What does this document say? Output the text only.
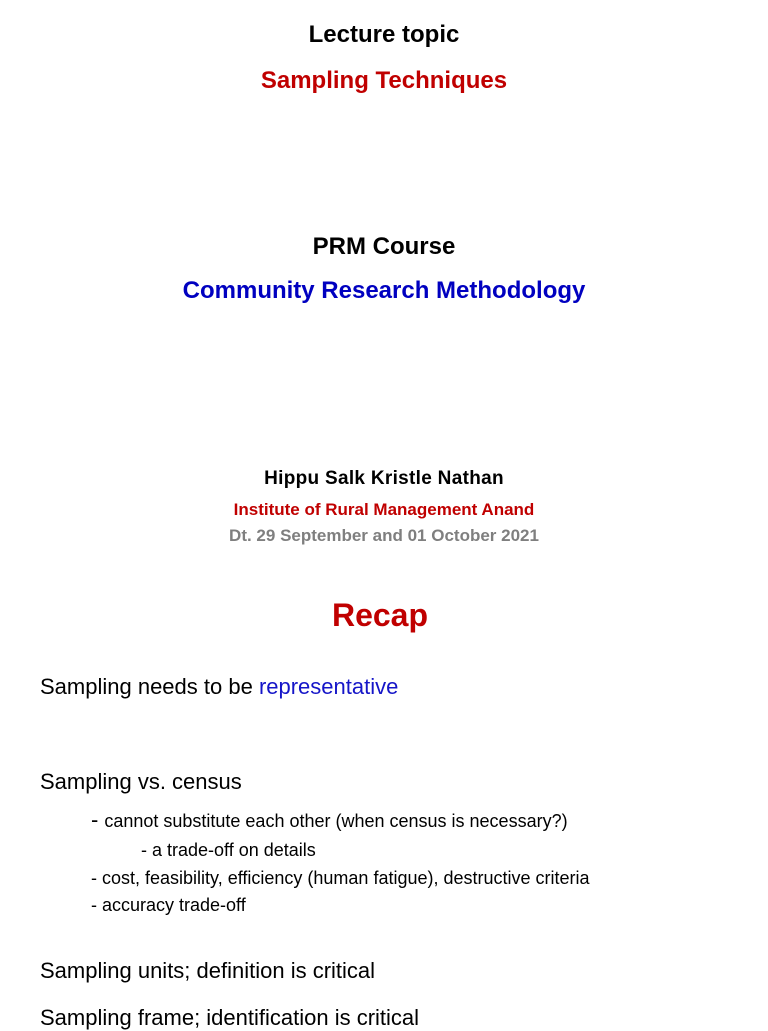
Lecture topic
Sampling Techniques
PRM Course
Community Research Methodology
Hippu Salk Kristle Nathan
Institute of Rural Management Anand
Dt. 29 September and 01 October 2021
Recap
Sampling needs to be representative
Sampling vs. census
- cannot substitute each other (when census is necessary?)
- a trade-off on details
- cost, feasibility, efficiency (human fatigue), destructive criteria
- accuracy trade-off
Sampling units; definition is critical
Sampling frame; identification is critical
